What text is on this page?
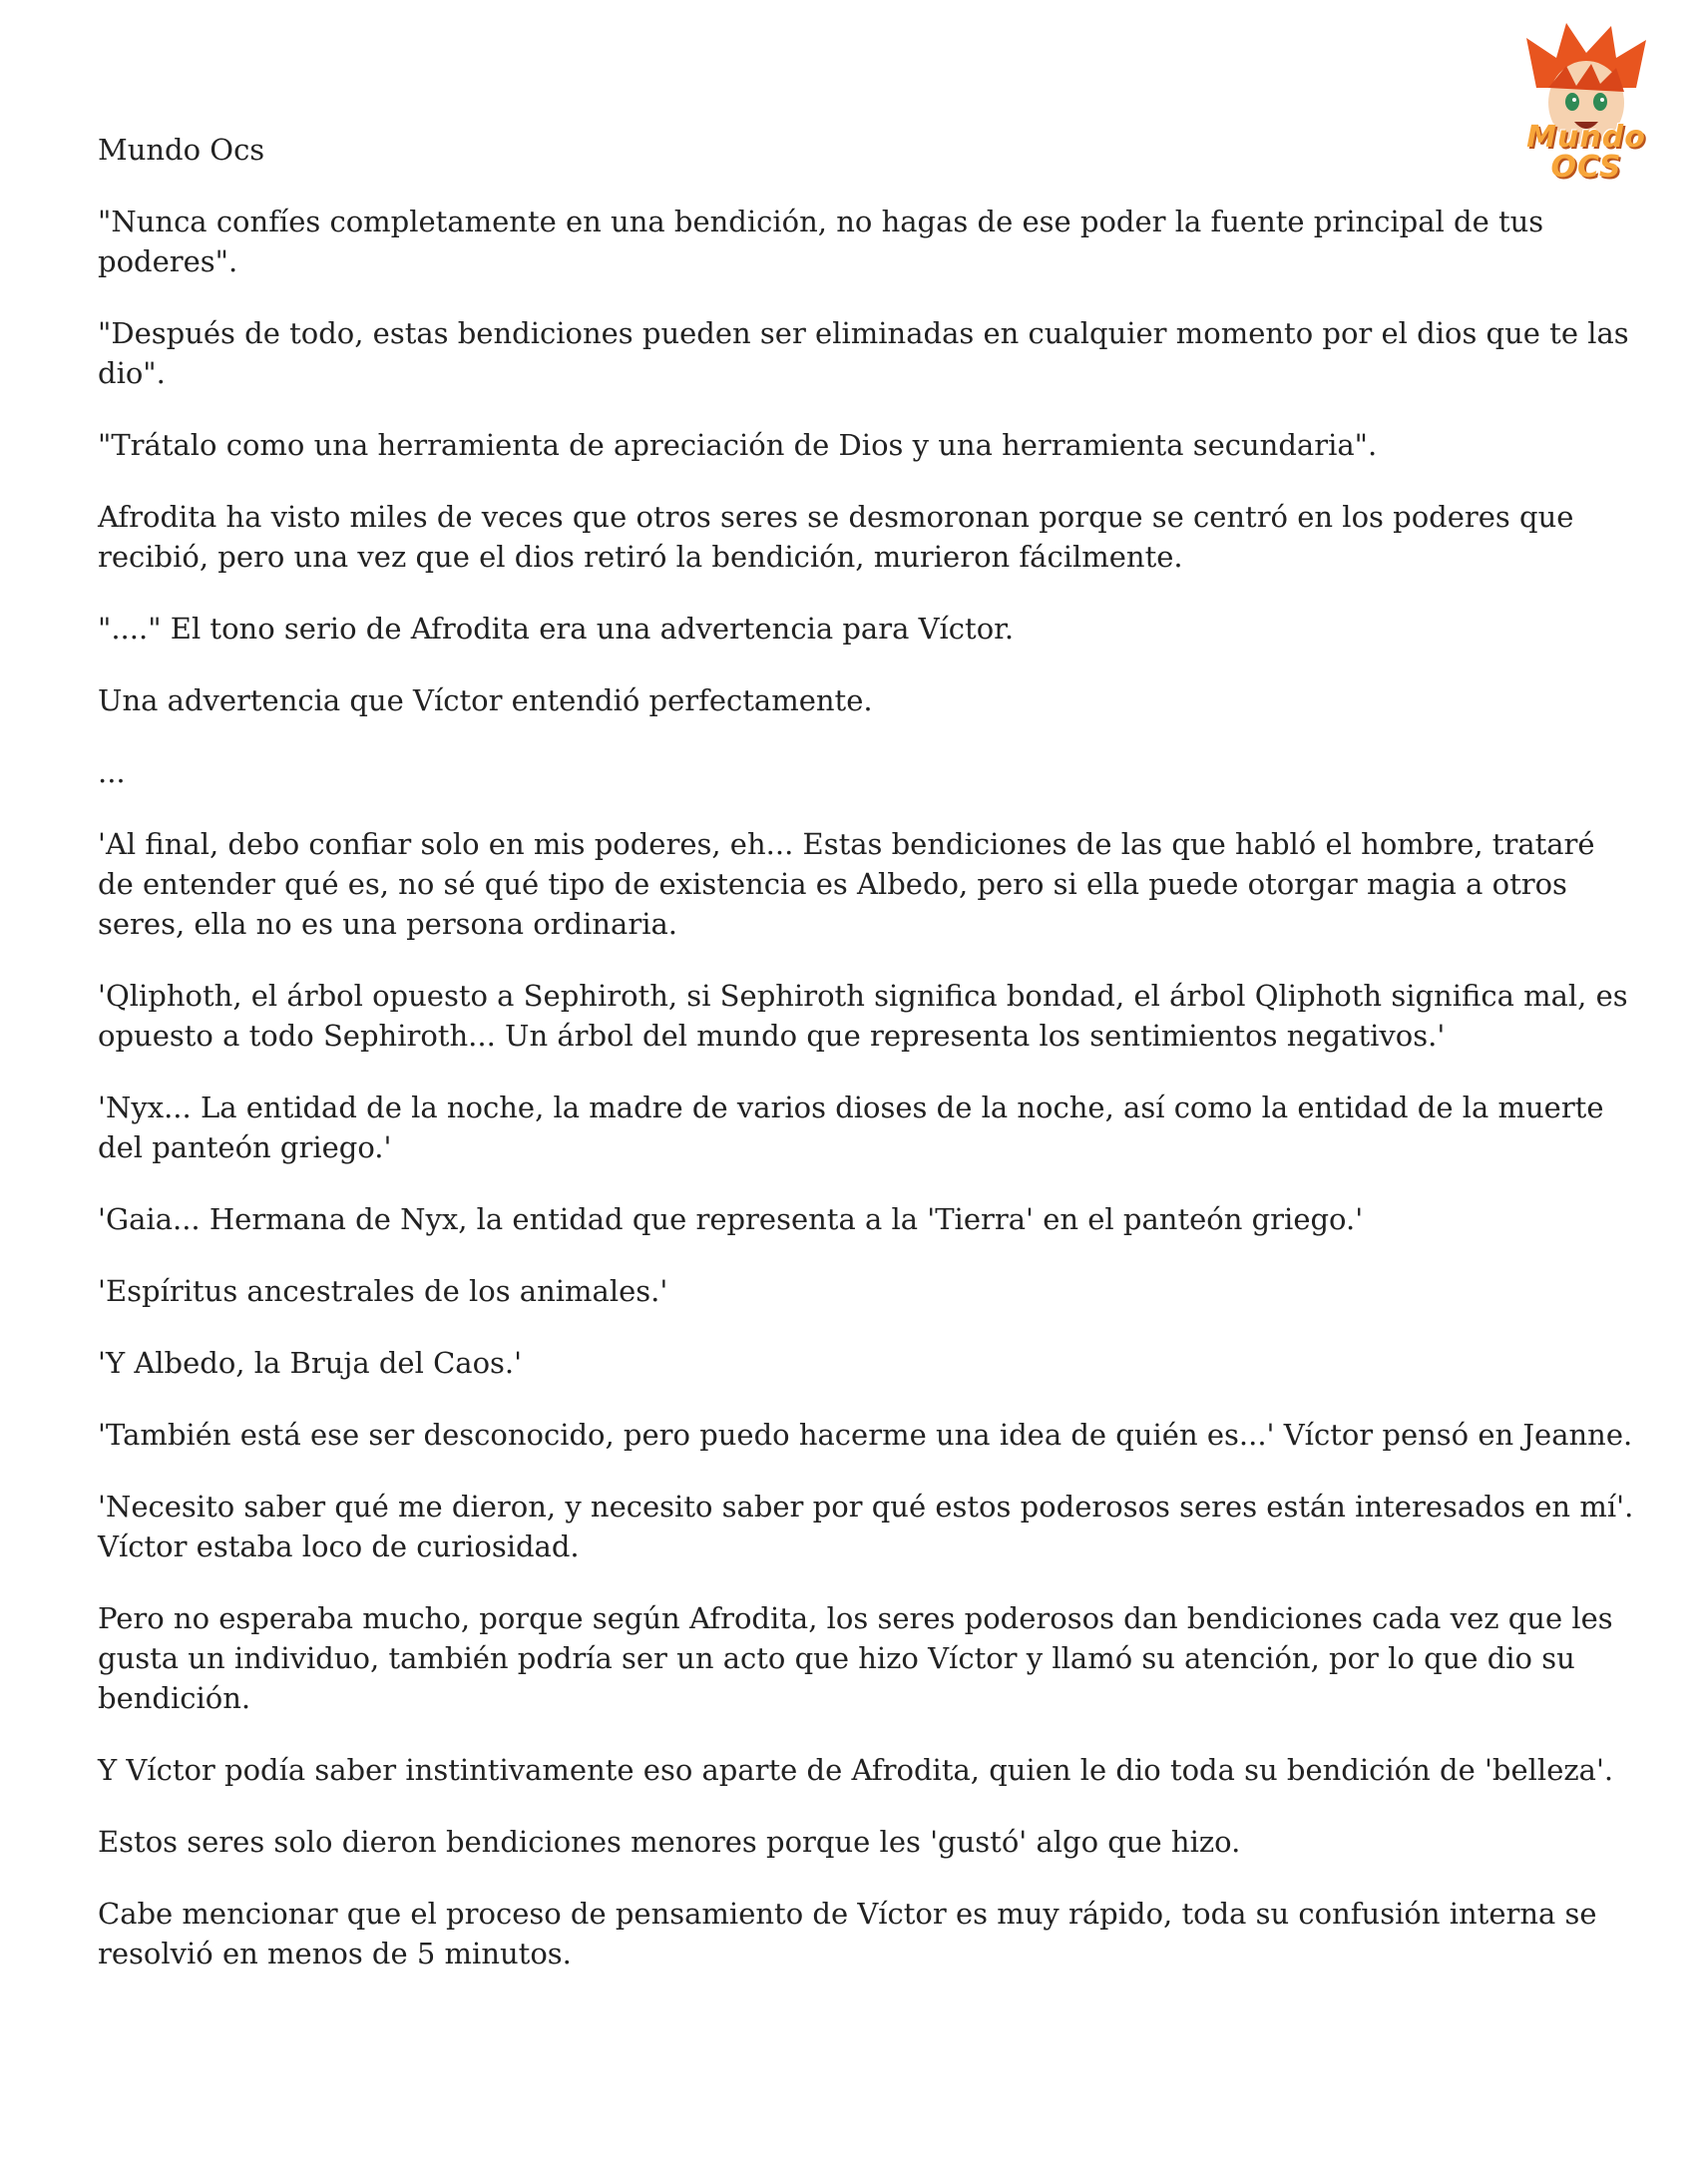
Mundo OCS
Mundo Ocs

"Nunca confíes completamente en una bendición, no hagas de ese poder la fuente principal de tus poderes".

"Después de todo, estas bendiciones pueden ser eliminadas en cualquier momento por el dios que te las dio".

"Trátalo como una herramienta de apreciación de Dios y una herramienta secundaria".

Afrodita ha visto miles de veces que otros seres se desmoronan porque se centró en los poderes que recibió, pero una vez que el dios retiró la bendición, murieron fácilmente.

"...." El tono serio de Afrodita era una advertencia para Víctor.

Una advertencia que Víctor entendió perfectamente.

...

'Al final, debo confiar solo en mis poderes, eh... Estas bendiciones de las que habló el hombre, trataré de entender qué es, no sé qué tipo de existencia es Albedo, pero si ella puede otorgar magia a otros seres, ella no es una persona ordinaria.

'Qliphoth, el árbol opuesto a Sephiroth, si Sephiroth significa bondad, el árbol Qliphoth significa mal, es opuesto a todo Sephiroth... Un árbol del mundo que representa los sentimientos negativos.'

'Nyx... La entidad de la noche, la madre de varios dioses de la noche, así como la entidad de la muerte del panteón griego.'

'Gaia... Hermana de Nyx, la entidad que representa a la 'Tierra' en el panteón griego.'

'Espíritus ancestrales de los animales.'

'Y Albedo, la Bruja del Caos.'

'También está ese ser desconocido, pero puedo hacerme una idea de quién es...' Víctor pensó en Jeanne.

'Necesito saber qué me dieron, y necesito saber por qué estos poderosos seres están interesados en mí'. Víctor estaba loco de curiosidad.

Pero no esperaba mucho, porque según Afrodita, los seres poderosos dan bendiciones cada vez que les gusta un individuo, también podría ser un acto que hizo Víctor y llamó su atención, por lo que dio su bendición.

Y Víctor podía saber instintivamente eso aparte de Afrodita, quien le dio toda su bendición de 'belleza'.

Estos seres solo dieron bendiciones menores porque les 'gustó' algo que hizo.

Cabe mencionar que el proceso de pensamiento de Víctor es muy rápido, toda su confusión interna se resolvió en menos de 5 minutos.
